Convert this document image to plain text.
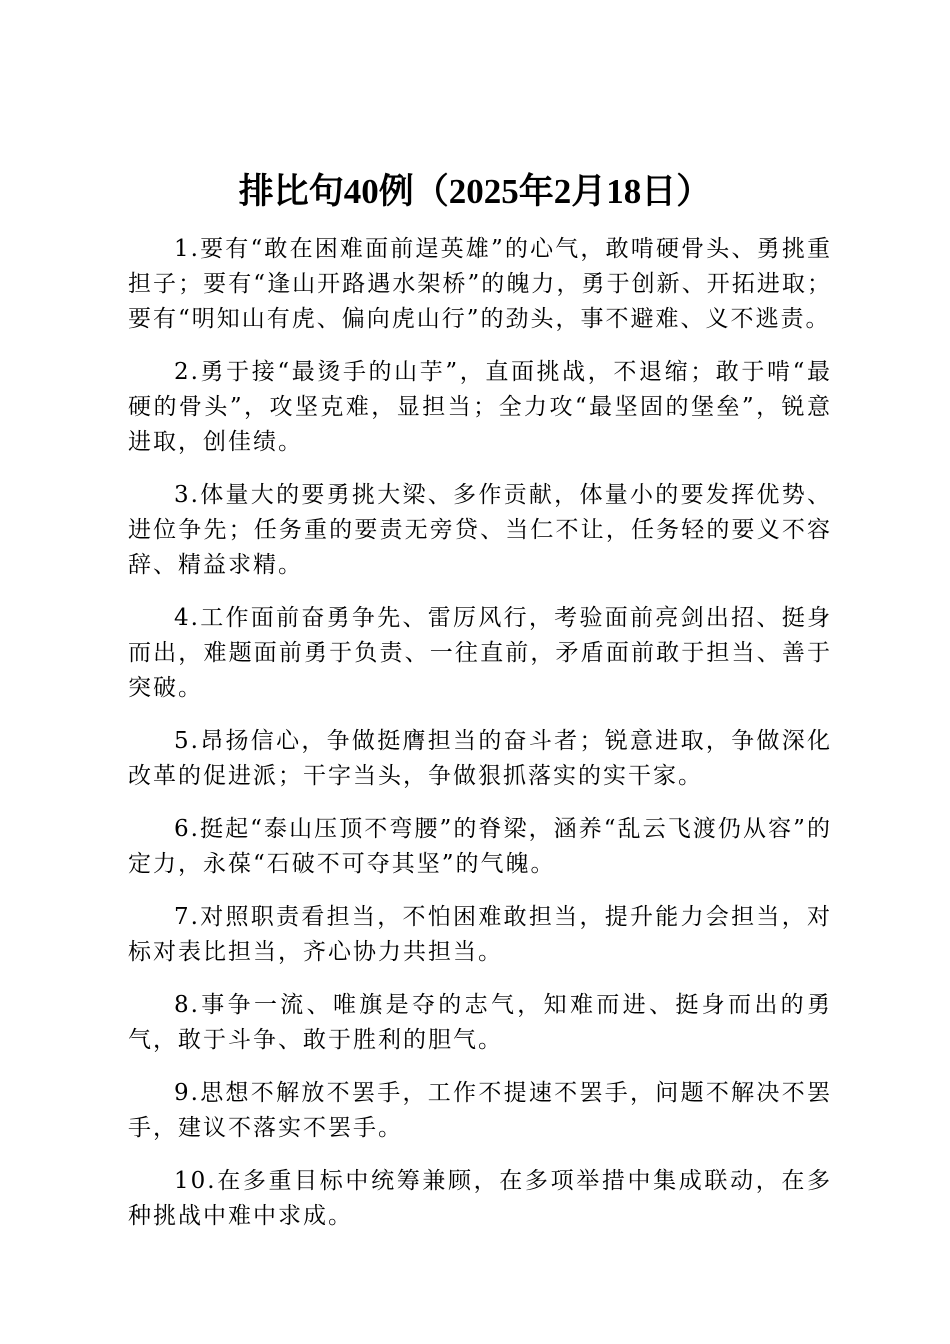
排比句40例（2025年2月18日）

1.要有“敢在困难面前逞英雄”的心气，敢啃硬骨头、勇挑重担子；要有“逢山开路遇水架桥”的魄力，勇于创新、开拓进取；要有“明知山有虎、偏向虎山行”的劲头，事不避难、义不逃责。

2.勇于接“最烫手的山芋”，直面挑战，不退缩；敢于啃“最硬的骨头”，攻坚克难，显担当；全力攻“最坚固的堡垒”，锐意进取，创佳绩。

3.体量大的要勇挑大梁、多作贡献，体量小的要发挥优势、进位争先；任务重的要责无旁贷、当仁不让，任务轻的要义不容辞、精益求精。

4.工作面前奋勇争先、雷厉风行，考验面前亮剑出招、挺身而出，难题面前勇于负责、一往直前，矛盾面前敢于担当、善于突破。

5.昂扬信心，争做挺膺担当的奋斗者；锐意进取，争做深化改革的促进派；干字当头，争做狠抓落实的实干家。

6.挺起“泰山压顶不弯腰”的脊梁，涵养“乱云飞渡仍从容”的定力，永葆“石破不可夺其坚”的气魄。

7.对照职责看担当，不怕困难敢担当，提升能力会担当，对标对表比担当，齐心协力共担当。

8.事争一流、唯旗是夺的志气，知难而进、挺身而出的勇气，敢于斗争、敢于胜利的胆气。

9.思想不解放不罢手，工作不提速不罢手，问题不解决不罢手，建议不落实不罢手。

10.在多重目标中统筹兼顾，在多项举措中集成联动，在多种挑战中难中求成。
